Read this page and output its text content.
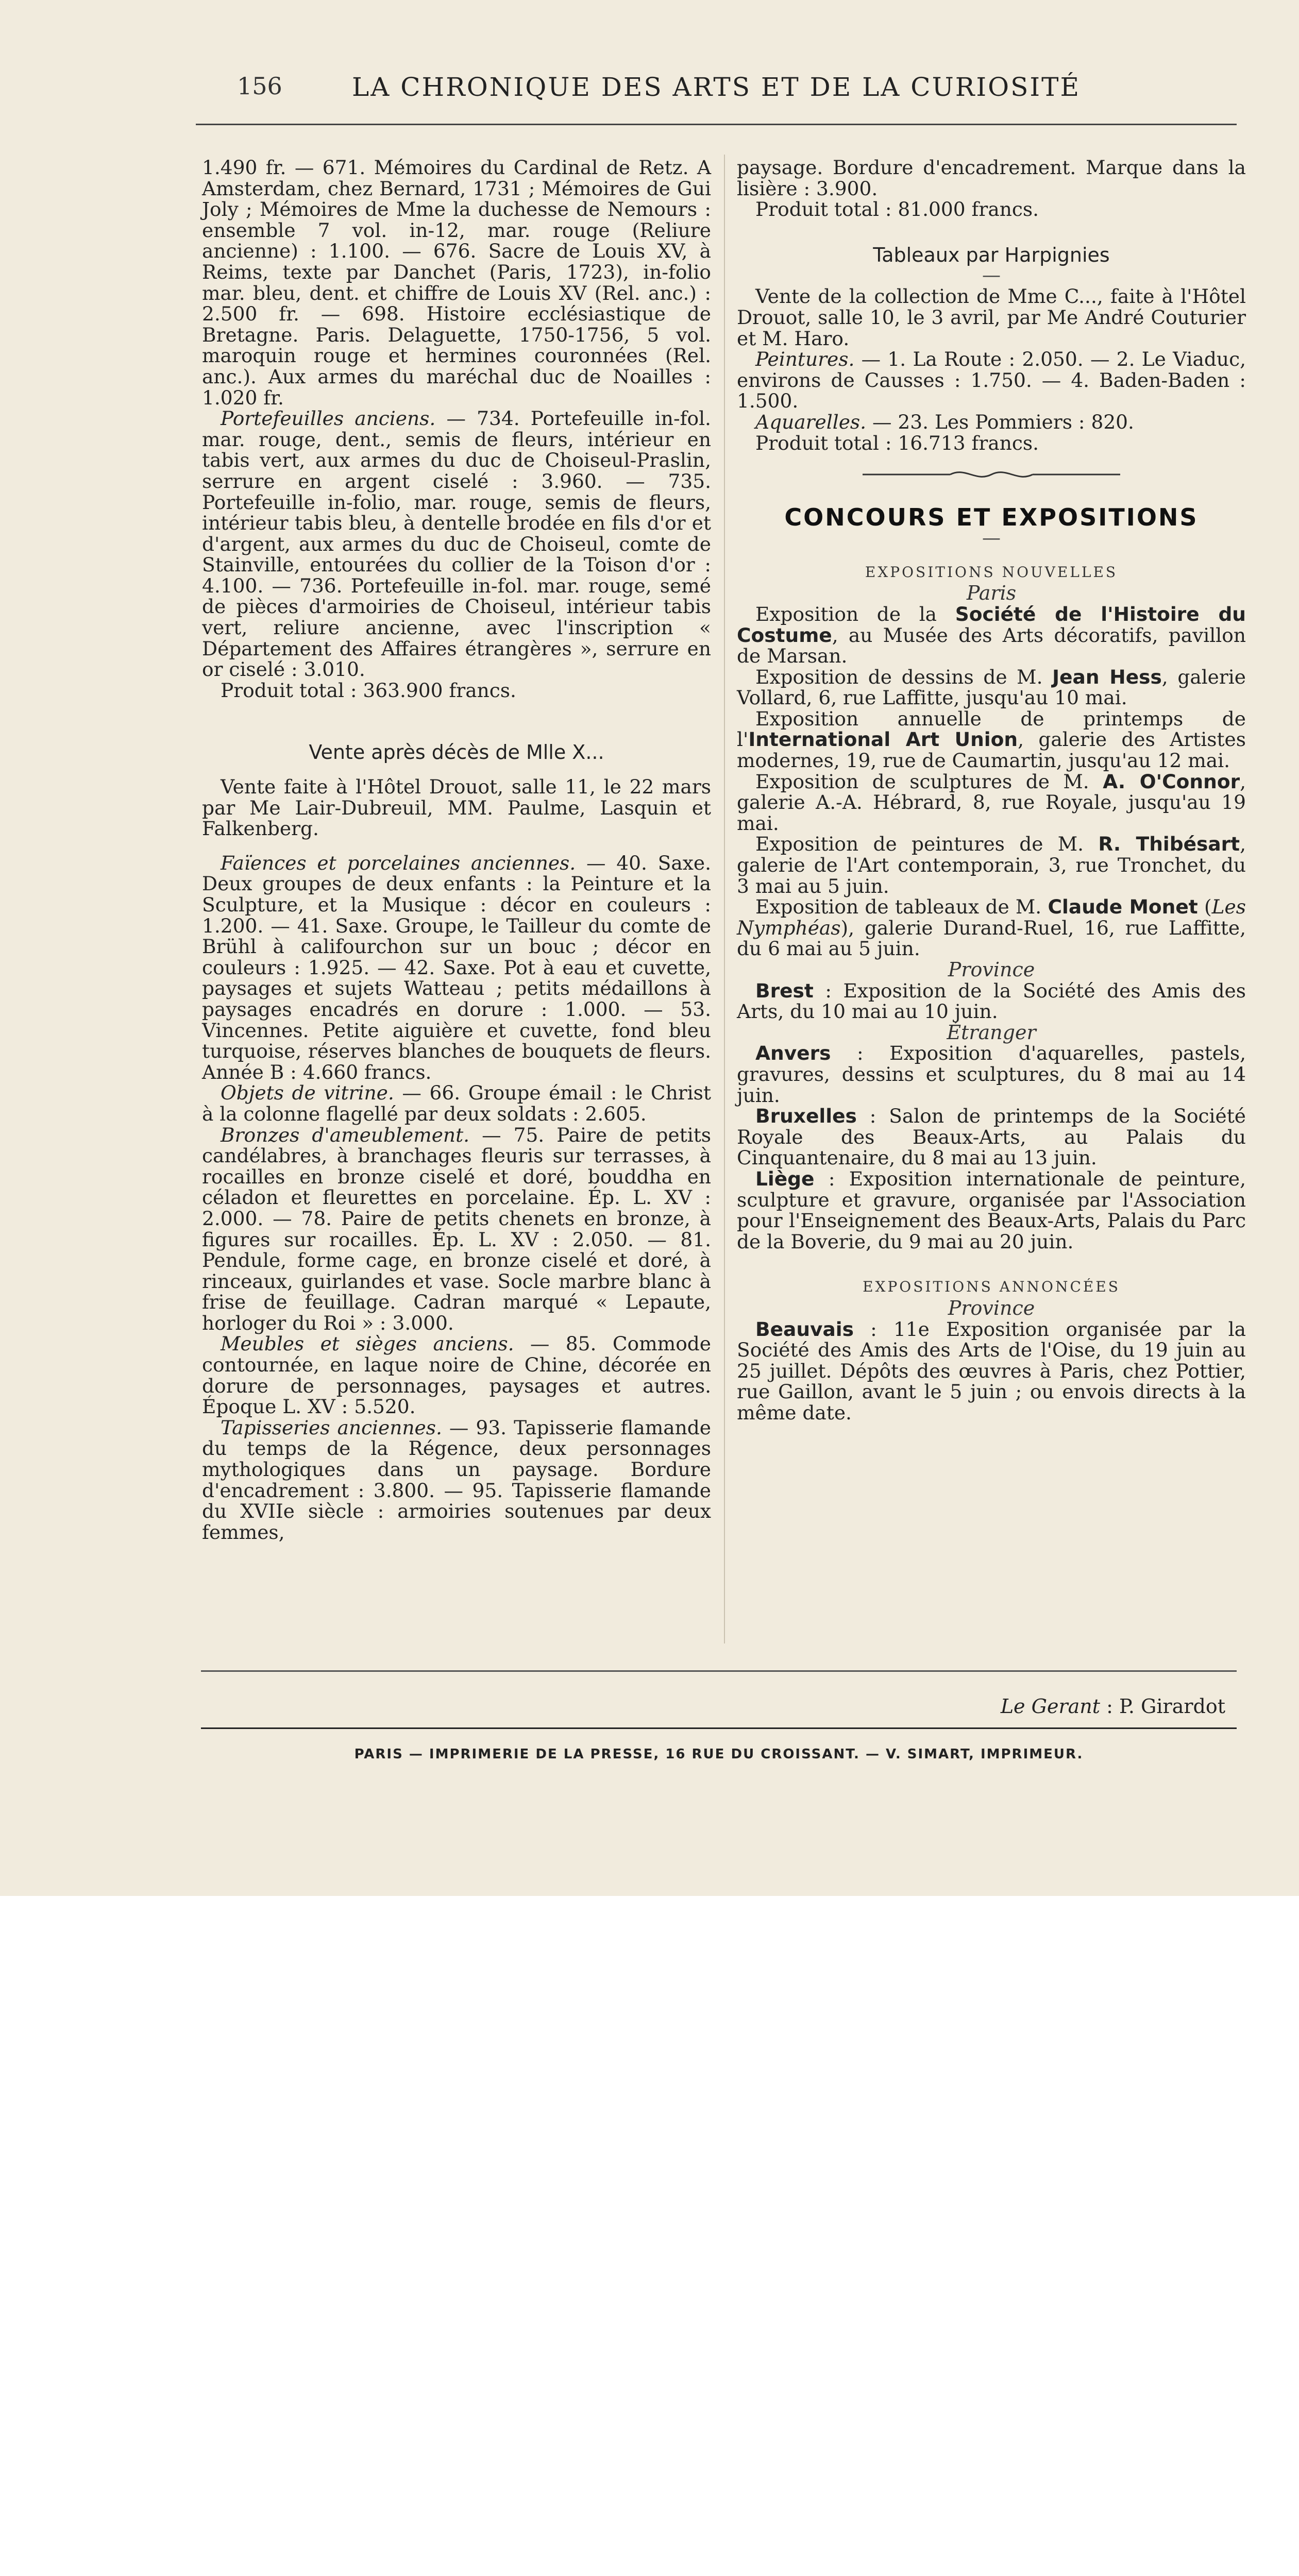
156	LA CHRONIQUE DES ARTS ET DE LA CURIOSITÉ

1.490 fr. — 671. Mémoires du Cardinal de Retz. A Amsterdam, chez Bernard, 1731 ; Mémoires de Gui Joly ; Mémoires de Mme la duchesse de Nemours : ensemble 7 vol. in-12, mar. rouge (Reliure ancienne) : 1.100. — 676. Sacre de Louis XV, à Reims, texte par Danchet (Paris, 1723), in-folio mar. bleu, dent. et chiffre de Louis XV (Rel. anc.) : 2.500 fr. — 698. Histoire ecclésiastique de Bretagne. Paris. Delaguette, 1750-1756, 5 vol. maroquin rouge et hermines couronnées (Rel. anc.). Aux armes du maréchal duc de Noailles : 1.020 fr.

Portefeuilles anciens. — 734. Portefeuille in-fol. mar. rouge, dent., semis de fleurs, intérieur en tabis vert, aux armes du duc de Choiseul-Praslin, serrure en argent ciselé : 3.960. — 735. Portefeuille in-folio, mar. rouge, semis de fleurs, intérieur tabis bleu, à dentelle brodée en fils d'or et d'argent, aux armes du duc de Choiseul, comte de Stainville, entourées du collier de la Toison d'or : 4.100. — 736. Portefeuille in-fol. mar. rouge, semé de pièces d'armoiries de Choiseul, intérieur tabis vert, reliure ancienne, avec l'inscription « Département des Affaires étrangères », serrure en or ciselé : 3.010.

Produit total : 363.900 francs.

Vente après décès de Mlle X...

Vente faite à l'Hôtel Drouot, salle 11, le 22 mars par Me Lair-Dubreuil, MM. Paulme, Lasquin et Falkenberg.

Faïences et porcelaines anciennes. — 40. Saxe. Deux groupes de deux enfants : la Peinture et la Sculpture, et la Musique : décor en couleurs : 1.200. — 41. Saxe. Groupe, le Tailleur du comte de Brühl à califourchon sur un bouc ; décor en couleurs : 1.925. — 42. Saxe. Pot à eau et cuvette, paysages et sujets Watteau ; petits médaillons à paysages encadrés en dorure : 1.000. — 53. Vincennes. Petite aiguière et cuvette, fond bleu turquoise, réserves blanches de bouquets de fleurs. Année B : 4.660 francs.

Objets de vitrine. — 66. Groupe émail : le Christ à la colonne flagellé par deux soldats : 2.605.

Bronzes d'ameublement. — 75. Paire de petits candélabres, à branchages fleuris sur terrasses, à rocailles en bronze ciselé et doré, bouddha en céladon et fleurettes en porcelaine. Ép. L. XV : 2.000. — 78. Paire de petits chenets en bronze, à figures sur rocailles. Ép. L. XV : 2.050. — 81. Pendule, forme cage, en bronze ciselé et doré, à rinceaux, guirlandes et vase. Socle marbre blanc à frise de feuillage. Cadran marqué « Lepaute, horloger du Roi » : 3.000.

Meubles et sièges anciens. — 85. Commode contournée, en laque noire de Chine, décorée en dorure de personnages, paysages et autres. Époque L. XV : 5.520.

Tapisseries anciennes. — 93. Tapisserie flamande du temps de la Régence, deux personnages mythologiques dans un paysage. Bordure d'encadrement : 3.800. — 95. Tapisserie flamande du XVIIe siècle : armoiries soutenues par deux femmes,

paysage. Bordure d'encadrement. Marque dans la lisière : 3.900.

Produit total : 81.000 francs.

Tableaux par Harpignies
—

Vente de la collection de Mme C..., faite à l'Hôtel Drouot, salle 10, le 3 avril, par Me André Couturier et M. Haro.

Peintures. — 1. La Route : 2.050. — 2. Le Viaduc, environs de Causses : 1.750. — 4. Baden-Baden : 1.500.

Aquarelles. — 23. Les Pommiers : 820.

Produit total : 16.713 francs.

CONCOURS ET EXPOSITIONS
—
EXPOSITIONS NOUVELLES
Paris

Exposition de la Société de l'Histoire du Costume, au Musée des Arts décoratifs, pavillon de Marsan.

Exposition de dessins de M. Jean Hess, galerie Vollard, 6, rue Laffitte, jusqu'au 10 mai.

Exposition annuelle de printemps de l'International Art Union, galerie des Artistes modernes, 19, rue de Caumartin, jusqu'au 12 mai.

Exposition de sculptures de M. A. O'Connor, galerie A.-A. Hébrard, 8, rue Royale, jusqu'au 19 mai.

Exposition de peintures de M. R. Thibésart, galerie de l'Art contemporain, 3, rue Tronchet, du 3 mai au 5 juin.

Exposition de tableaux de M. Claude Monet (Les Nymphéas), galerie Durand-Ruel, 16, rue Laffitte, du 6 mai au 5 juin.

Province

Brest : Exposition de la Société des Amis des Arts, du 10 mai au 10 juin.

Étranger

Anvers : Exposition d'aquarelles, pastels, gravures, dessins et sculptures, du 8 mai au 14 juin.

Bruxelles : Salon de printemps de la Société Royale des Beaux-Arts, au Palais du Cinquantenaire, du 8 mai au 13 juin.

Liège : Exposition internationale de peinture, sculpture et gravure, organisée par l'Association pour l'Enseignement des Beaux-Arts, Palais du Parc de la Boverie, du 9 mai au 20 juin.

EXPOSITIONS ANNONCÉES
Province

Beauvais : 11e Exposition organisée par la Société des Amis des Arts de l'Oise, du 19 juin au 25 juillet. Dépôts des œuvres à Paris, chez Pottier, rue Gaillon, avant le 5 juin ; ou envois directs à la même date.

Le Gerant : P. Girardot
PARIS — IMPRIMERIE DE LA PRESSE, 16 RUE DU CROISSANT. — V. SIMART, IMPRIMEUR.
